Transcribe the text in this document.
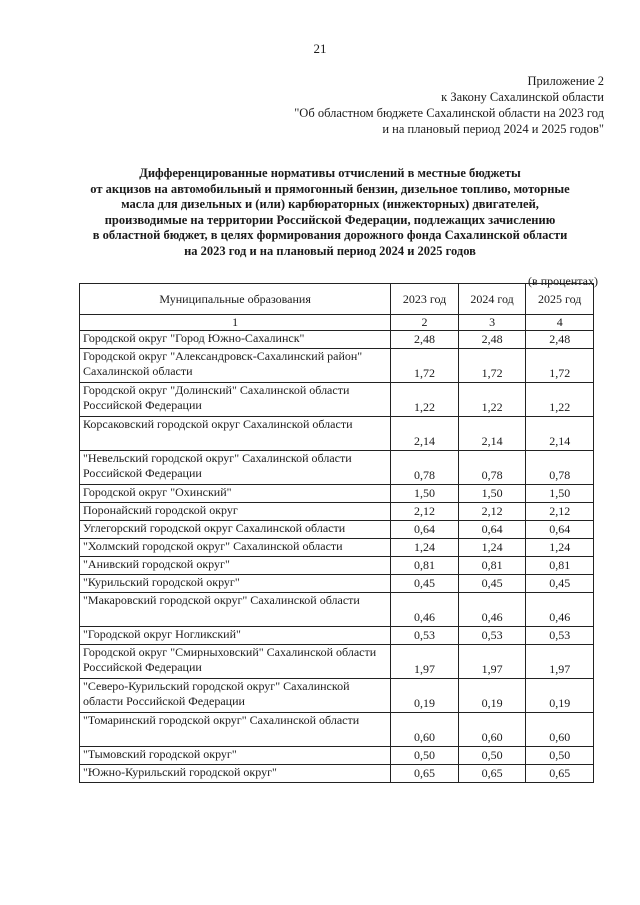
21
Приложение 2
к Закону Сахалинской области
"Об областном бюджете Сахалинской области на 2023 год
и на плановый период 2024 и 2025 годов"
Дифференцированные нормативы отчислений в местные бюджеты
от акцизов на автомобильный и прямогонный бензин, дизельное топливо, моторные
масла для дизельных и (или) карбюраторных (инжекторных) двигателей,
производимые на территории Российской Федерации, подлежащих зачислению
в областной бюджет, в целях формирования дорожного фонда Сахалинской области
на 2023 год и на плановый период 2024 и 2025 годов
(в процентах)
Муниципальные образования	2023 год	2024 год	2025 год
1	2	3	4
Городской округ "Город Южно-Сахалинск"	2,48	2,48	2,48
Городской округ "Александровск-Сахалинский район" Сахалинской области	1,72	1,72	1,72
Городской округ "Долинский" Сахалинской области Российской Федерации	1,22	1,22	1,22
Корсаковский городской округ Сахалинской области	2,14	2,14	2,14
"Невельский городской округ" Сахалинской области Российской Федерации	0,78	0,78	0,78
Городской округ "Охинский"	1,50	1,50	1,50
Поронайский городской округ	2,12	2,12	2,12
Углегорский городской округ Сахалинской области	0,64	0,64	0,64
"Холмский городской округ" Сахалинской области	1,24	1,24	1,24
"Анивский городской округ"	0,81	0,81	0,81
"Курильский городской округ"	0,45	0,45	0,45
"Макаровский городской округ" Сахалинской области	0,46	0,46	0,46
"Городской округ Ногликский"	0,53	0,53	0,53
Городской округ "Смирныховский" Сахалинской области Российской Федерации	1,97	1,97	1,97
"Северо-Курильский городской округ" Сахалинской области Российской Федерации	0,19	0,19	0,19
"Томаринский городской округ" Сахалинской области	0,60	0,60	0,60
"Тымовский городской округ"	0,50	0,50	0,50
"Южно-Курильский городской округ"	0,65	0,65	0,65
